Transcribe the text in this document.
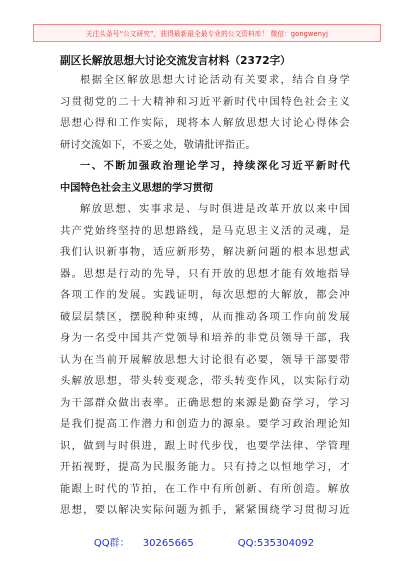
关注头条号“公文研究”，获得最新最全最专业的公文资料库！ 微信：gongwenyj
副区长解放思想大讨论交流发言材料（2372字）
根 据 全 区 解 放 思 想 大 讨 论 活 动 有 关 要 求 ， 结 合 自 身 学
习 贯 彻 党 的 二 十 大 精 神 和 习 近 平 新 时 代 中 国 特 色 社 会 主 义
思 想 心 得 和 工 作 实 际 ， 现 将 本 人 解 放 思 想 大 讨 论 心 得 体 会
研 讨 交 流 如 下 ， 不 妥 之 处 ， 敬 请 批 评 指 正 。
一 、 不 断 加 强 政 治 理 论 学 习 ， 持 续 深 化 习 近 平 新 时 代
中 国 特 色 社 会 主 义 思 想 的 学 习 贯 彻
解 放 思 想 、 实 事 求 是 、 与 时 俱 进 是 改 革 开 放 以 来 中 国
共 产 党 始 终 坚 持 的 思 想 路 线 ， 是 马 克 思 主 义 活 的 灵 魂 ， 是
我 们 认 识 新 事 物 ， 适 应 新 形 势 ， 解 决 新 问 题 的 根 本 思 想 武
器 。 思 想 是 行 动 的 先 导 ， 只 有 开 放 的 思 想 才 能 有 效 地 指 导
各 项 工 作 的 发 展 。 实 践 证 明 ， 每 次 思 想 的 大 解 放 ， 都 会 冲
破 层 层 禁 区 ， 摆 脱 种 种 束 缚 ， 从 而 推 动 各 项 工 作 向 前 发 展
身 为 一 名 受 中 国 共 产 党 领 导 和 培 养 的 非 党 员 领 导 干 部 ， 我
认 为 在 当 前 开 展 解 放 思 想 大 讨 论 很 有 必 要 ， 领 导 干 部 要 带
头 解 放 思 想 ， 带 头 转 变 观 念 ， 带 头 转 变 作 风 ， 以 实 际 行 动
为 干 部 群 众 做 出 表 率 。 正 确 思 想 的 来 源 是 勤 奋 学 习 ， 学 习
是 我 们 提 高 工 作 潜 力 和 创 造 力 的 源 泉 。 要 学 习 政 治 理 论 知
识 ， 做 到 与 时 俱 进 ， 跟 上 时 代 步 伐 ， 也 要 学 法 律 、 学 管 理
开 拓 视 野 ， 提 高 为 民 服 务 能 力 。 只 有 持 之 以 恒 地 学 习 ， 才
能 跟 上 时 代 的 节 拍 ， 在 工 作 中 有 所 创 新 、 有 所 创 造 。 解 放
思 想 ， 要 以 解 决 实 际 问 题 为 抓 手 ， 紧 紧 围 绕 学 习 贯 彻 习 近
QQ群： 30265665	QQ:535304092
